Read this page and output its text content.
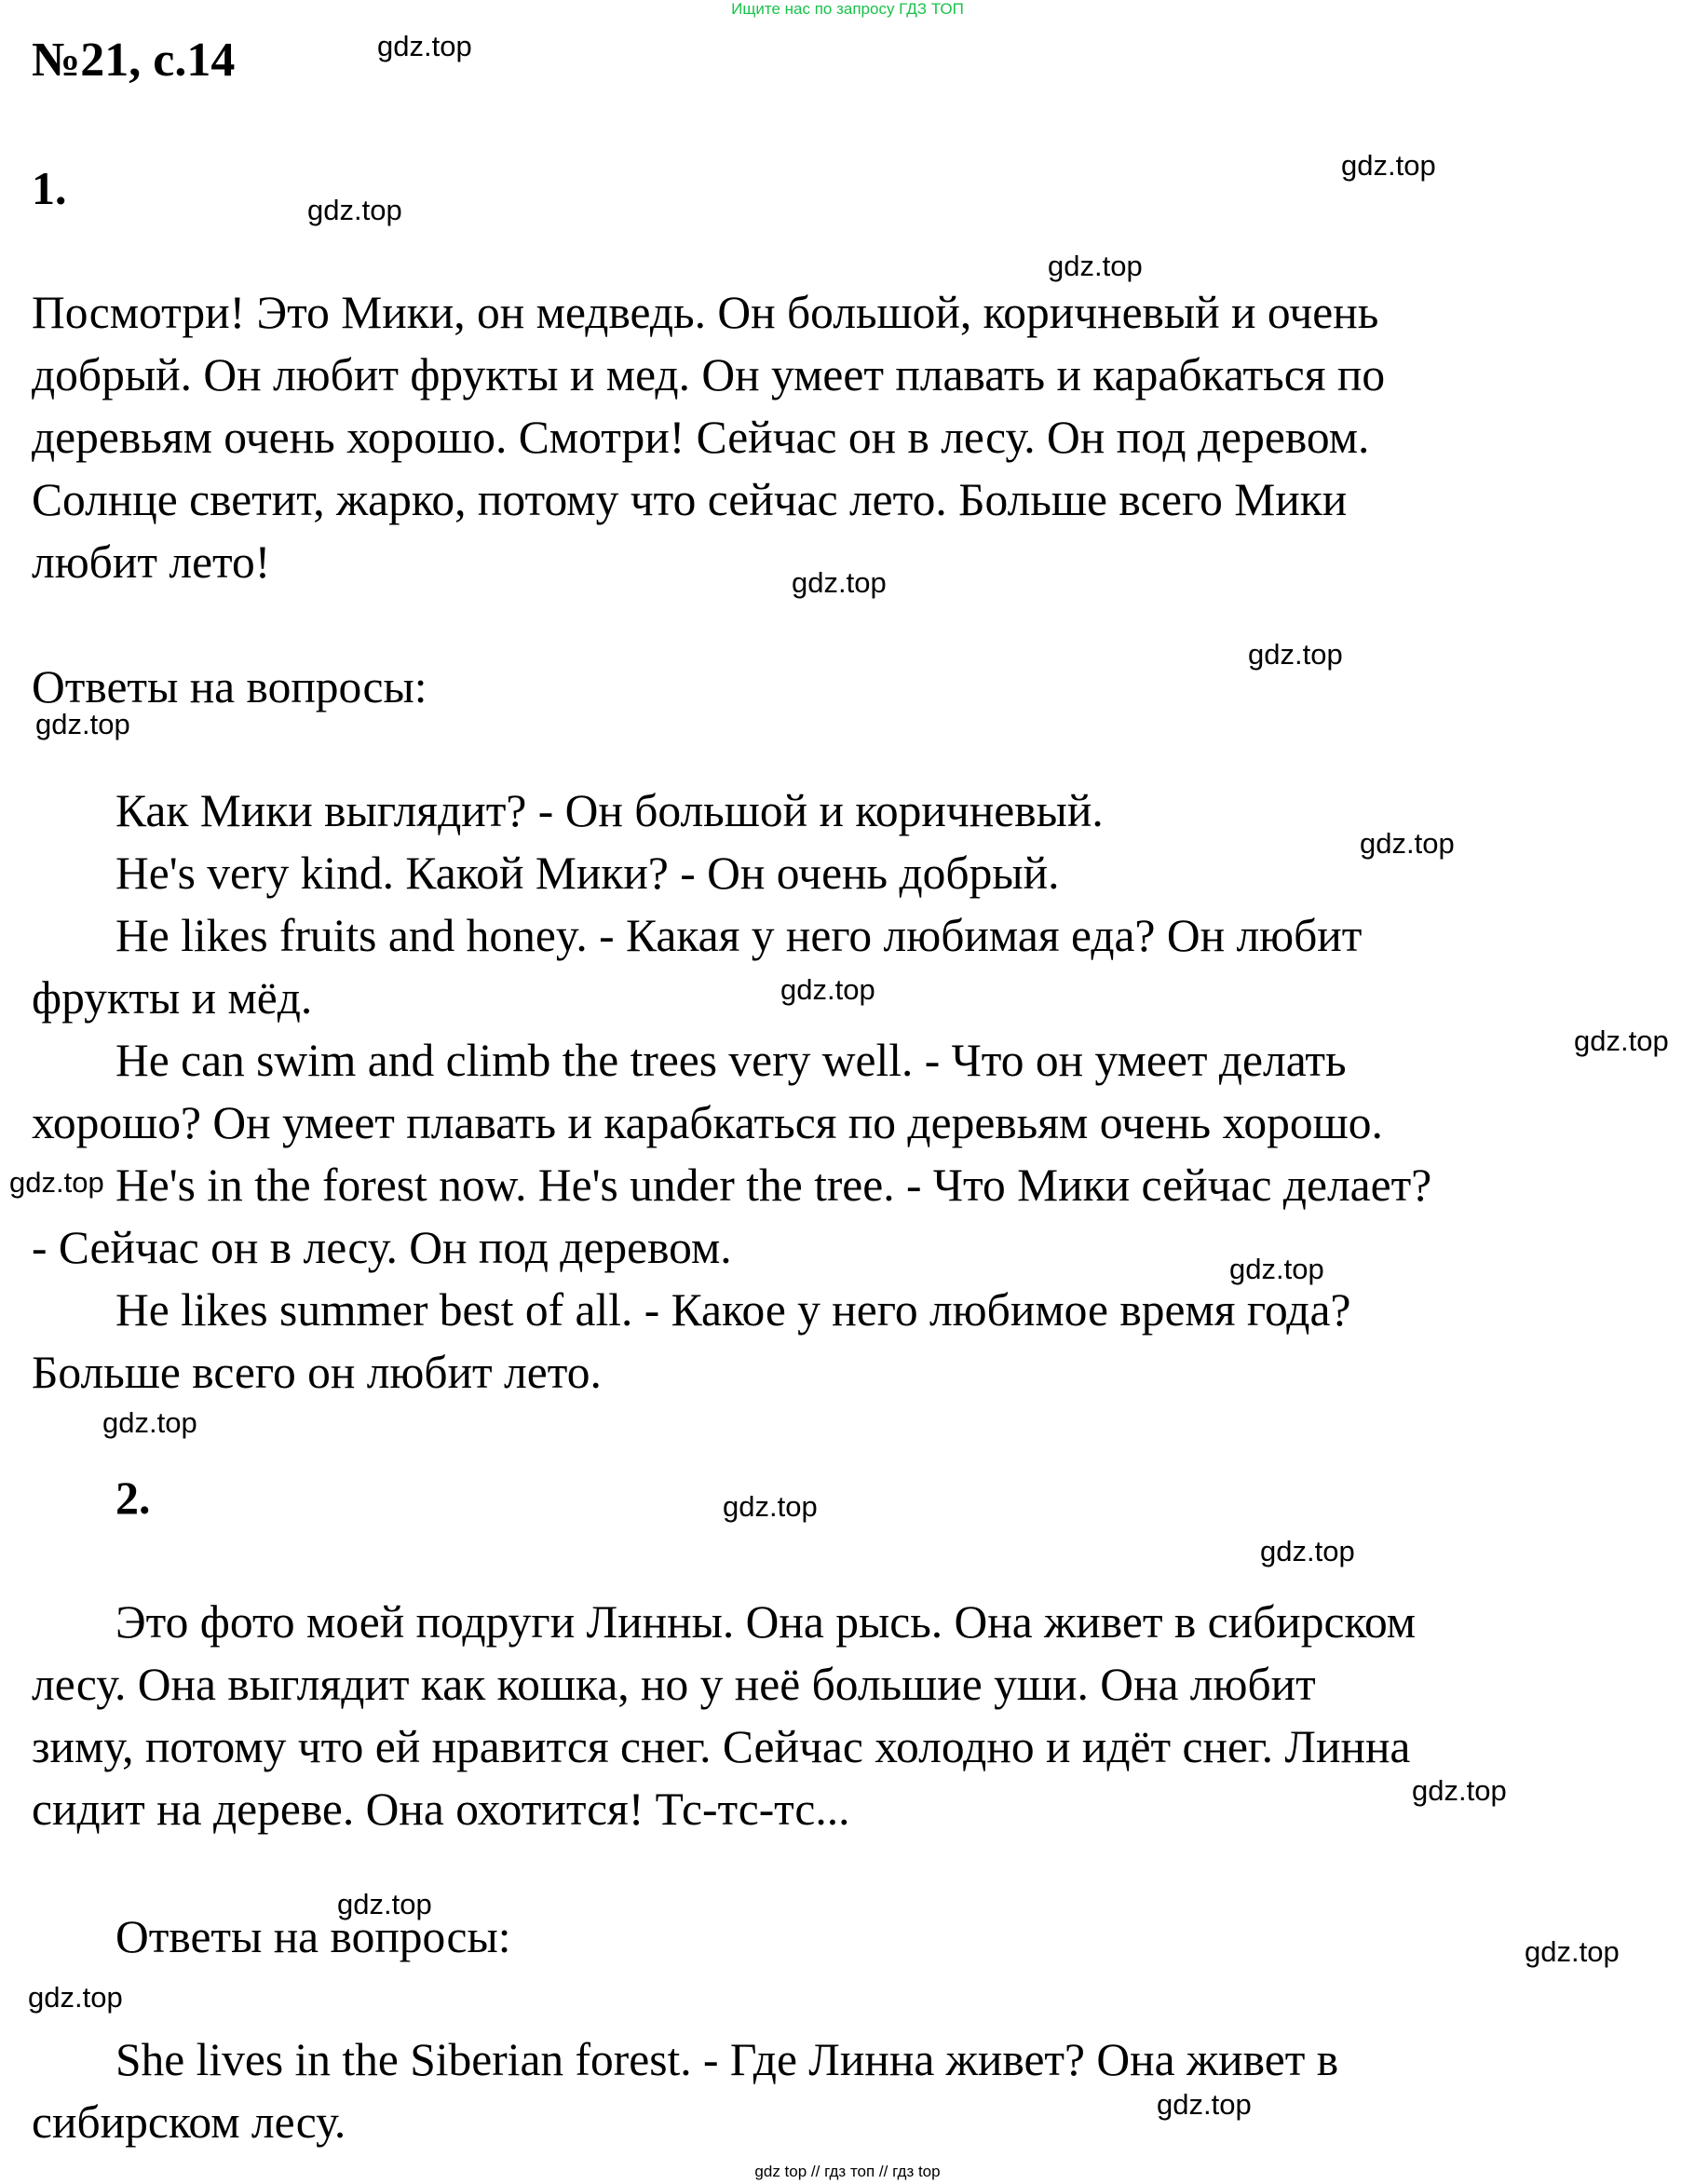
Ищите нас по запросу ГДЗ ТОП
gdz top // гдз топ // гдз top
№21, с.14
1.
Посмотри! Это Мики, он медведь. Он большой, коричневый и очень
добрый. Он любит фрукты и мед. Он умеет плавать и карабкаться по
деревьям очень хорошо. Смотри! Сейчас он в лесу. Он под деревом.
Солнце светит, жарко, потому что сейчас лето. Больше всего Мики
любит лето!
Ответы на вопросы:
Как Мики выглядит? - Он большой и коричневый.
He's very kind. Какой Мики? - Он очень добрый.
He likes fruits and honey. - Какая у него любимая еда? Он любит
фрукты и мёд.
He can swim and climb the trees very well. - Что он умеет делать
хорошо? Он умеет плавать и карабкаться по деревьям очень хорошо.
He's in the forest now. He's under the tree. - Что Мики сейчас делает?
- Сейчас он в лесу. Он под деревом.
He likes summer best of all. - Какое у него любимое время года?
Больше всего он любит лето.
2.
Это фото моей подруги Линны. Она рысь. Она живет в сибирском
лесу. Она выглядит как кошка, но у неё большие уши. Она любит
зиму, потому что ей нравится снег. Сейчас холодно и идёт снег. Линна
сидит на дереве. Она охотится! Тс-тс-тс...
Ответы на вопросы:
She lives in the Siberian forest. - Где Линна живет? Она живет в
сибирском лесу.
gdz.top
gdz.top
gdz.top
gdz.top
gdz.top
gdz.top
gdz.top
gdz.top
gdz.top
gdz.top
gdz.top
gdz.top
gdz.top
gdz.top
gdz.top
gdz.top
gdz.top
gdz.top
gdz.top
gdz.top
